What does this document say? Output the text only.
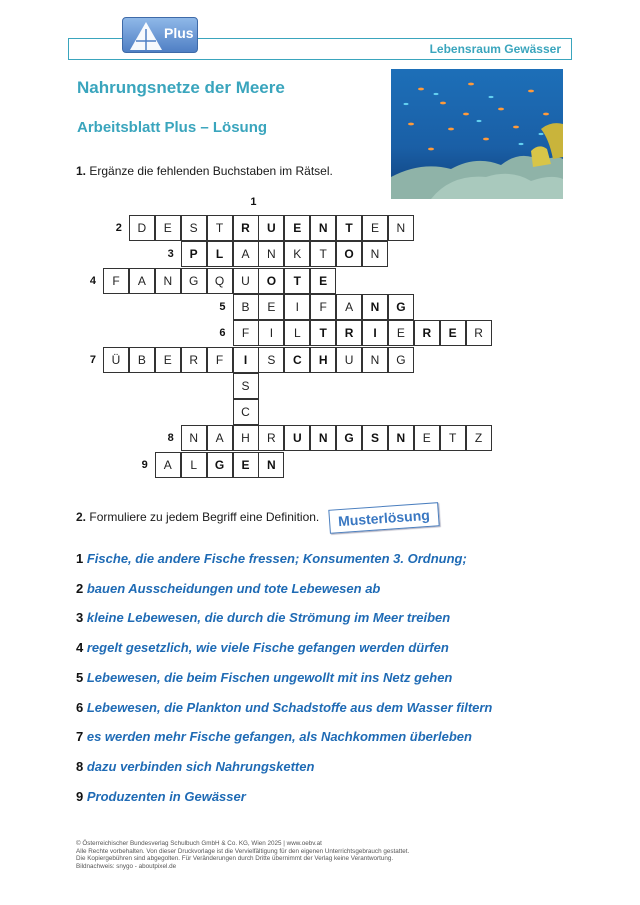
Lebensraum Gewässer
Plus
Nahrungsnetze der Meere
Arbeitsblatt Plus – Lösung
1. Ergänze die fehlenden Buchstaben im Rätsel.
1
2	D	E	S	T	R	U	E	N	T	E	N
3	P	L	A	N	K	T	O	N
4	F	A	N	G	Q	U	O	T	E
5	B	E	I	F	A	N	G
6	F	I	L	T	R	I	E	R	E	R
7	Ü	B	E	R	F	I	S	C	H	U	N	G
S
C
8	N	A	H	R	U	N	G	S	N	E	T	Z
9	A	L	G	E	N
2. Formuliere zu jedem Begriff eine Definition.	Musterlösung
1 Fische, die andere Fische fressen; Konsumenten 3. Ordnung;
2 bauen Ausscheidungen und tote Lebewesen ab
3 kleine Lebewesen, die durch die Strömung im Meer treiben
4 regelt gesetzlich, wie viele Fische gefangen werden dürfen
5 Lebewesen, die beim Fischen ungewollt mit ins Netz gehen
6 Lebewesen, die Plankton und Schadstoffe aus dem Wasser filtern
7 es werden mehr Fische gefangen, als Nachkommen überleben
8 dazu verbinden sich Nahrungsketten
9 Produzenten in Gewässer
© Österreichischer Bundesverlag Schulbuch GmbH & Co. KG, Wien 2025 | www.oebv.at
Alle Rechte vorbehalten. Von dieser Druckvorlage ist die Vervielfältigung für den eigenen Unterrichtsgebrauch gestattet.
Die Kopiergebühren sind abgegolten. Für Veränderungen durch Dritte übernimmt der Verlag keine Verantwortung.
Bildnachweis: snygo - aboutpixel.de
